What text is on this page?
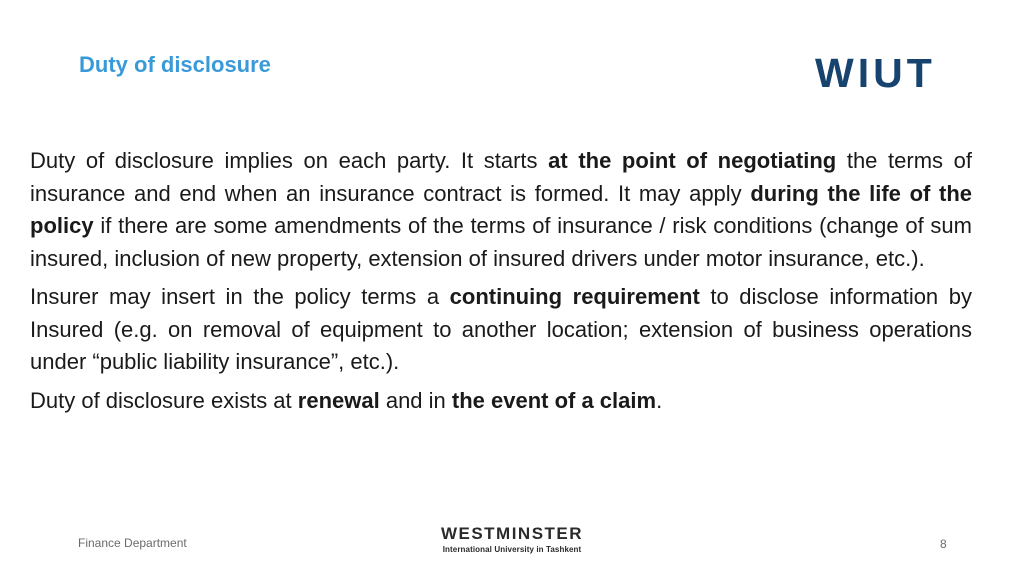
Duty of disclosure	WIUT

Duty of disclosure implies on each party. It starts at the point of negotiating the terms of insurance and end when an insurance contract is formed. It may apply during the life of the policy if there are some amendments of the terms of insurance / risk conditions (change of sum insured, inclusion of new property, extension of insured drivers under motor insurance, etc.).

Insurer may insert in the policy terms a continuing requirement to disclose information by Insured (e.g. on removal of equipment to another location; extension of business operations under “public liability insurance”, etc.).

Duty of disclosure exists at renewal and in the event of a claim.

Finance Department	WESTMINSTER
International University in Tashkent	8
